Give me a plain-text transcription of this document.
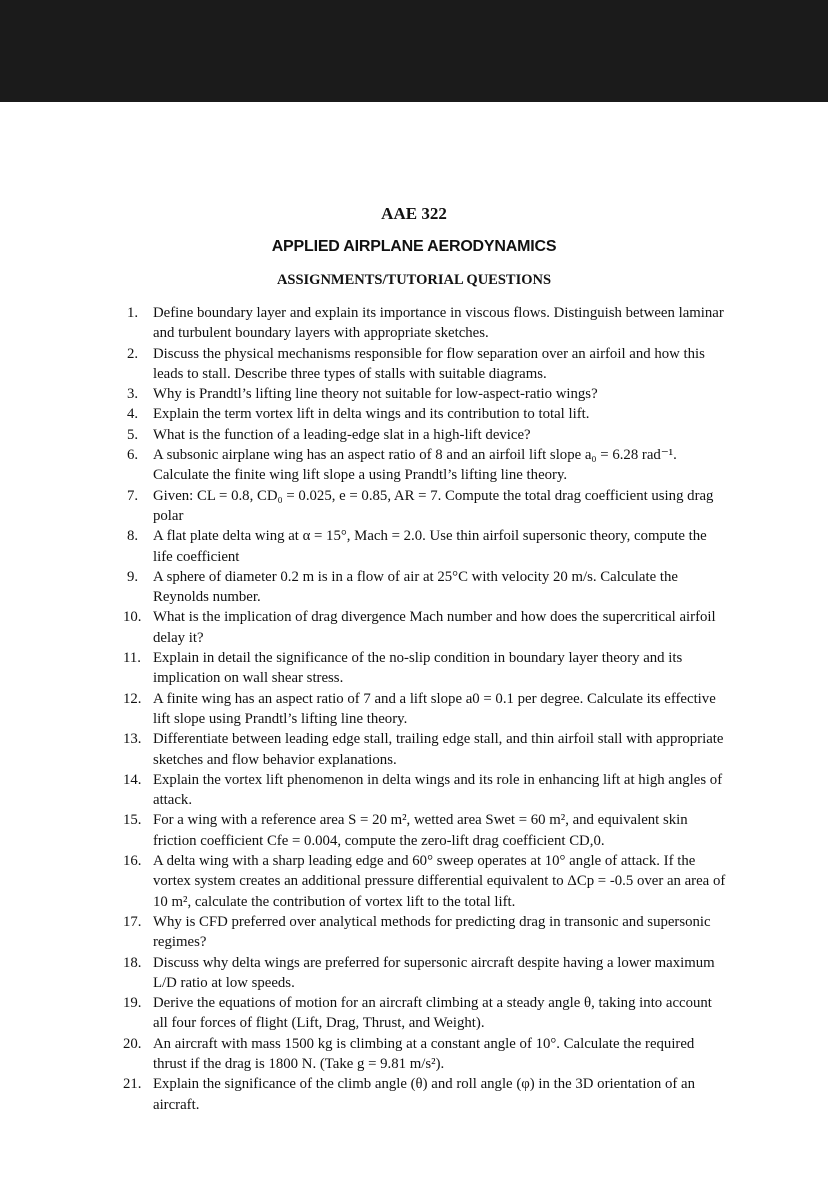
AAE 322
APPLIED AIRPLANE AERODYNAMICS
ASSIGNMENTS/TUTORIAL QUESTIONS
1. Define boundary layer and explain its importance in viscous flows. Distinguish between laminar and turbulent boundary layers with appropriate sketches.
2. Discuss the physical mechanisms responsible for flow separation over an airfoil and how this leads to stall. Describe three types of stalls with suitable diagrams.
3. Why is Prandtl’s lifting line theory not suitable for low-aspect-ratio wings?
4. Explain the term vortex lift in delta wings and its contribution to total lift.
5. What is the function of a leading-edge slat in a high-lift device?
6. A subsonic airplane wing has an aspect ratio of 8 and an airfoil lift slope a₀ = 6.28 rad⁻¹. Calculate the finite wing lift slope a using Prandtl’s lifting line theory.
7. Given: CL = 0.8, CD₀ = 0.025, e = 0.85, AR = 7. Compute the total drag coefficient using drag polar
8. A flat plate delta wing at α = 15°, Mach = 2.0. Use thin airfoil supersonic theory, compute the life coefficient
9. A sphere of diameter 0.2 m is in a flow of air at 25°C with velocity 20 m/s. Calculate the Reynolds number.
10. What is the implication of drag divergence Mach number and how does the supercritical airfoil delay it?
11. Explain in detail the significance of the no-slip condition in boundary layer theory and its implication on wall shear stress.
12. A finite wing has an aspect ratio of 7 and a lift slope a0 = 0.1 per degree. Calculate its effective lift slope using Prandtl’s lifting line theory.
13. Differentiate between leading edge stall, trailing edge stall, and thin airfoil stall with appropriate sketches and flow behavior explanations.
14. Explain the vortex lift phenomenon in delta wings and its role in enhancing lift at high angles of attack.
15. For a wing with a reference area S = 20 m², wetted area Swet = 60 m², and equivalent skin friction coefficient Cfe = 0.004, compute the zero-lift drag coefficient CD,0.
16. A delta wing with a sharp leading edge and 60° sweep operates at 10° angle of attack. If the vortex system creates an additional pressure differential equivalent to ΔCp = -0.5 over an area of 10 m², calculate the contribution of vortex lift to the total lift.
17. Why is CFD preferred over analytical methods for predicting drag in transonic and supersonic regimes?
18. Discuss why delta wings are preferred for supersonic aircraft despite having a lower maximum L/D ratio at low speeds.
19. Derive the equations of motion for an aircraft climbing at a steady angle θ, taking into account all four forces of flight (Lift, Drag, Thrust, and Weight).
20. An aircraft with mass 1500 kg is climbing at a constant angle of 10°. Calculate the required thrust if the drag is 1800 N. (Take g = 9.81 m/s²).
21. Explain the significance of the climb angle (θ) and roll angle (φ) in the 3D orientation of an aircraft.
